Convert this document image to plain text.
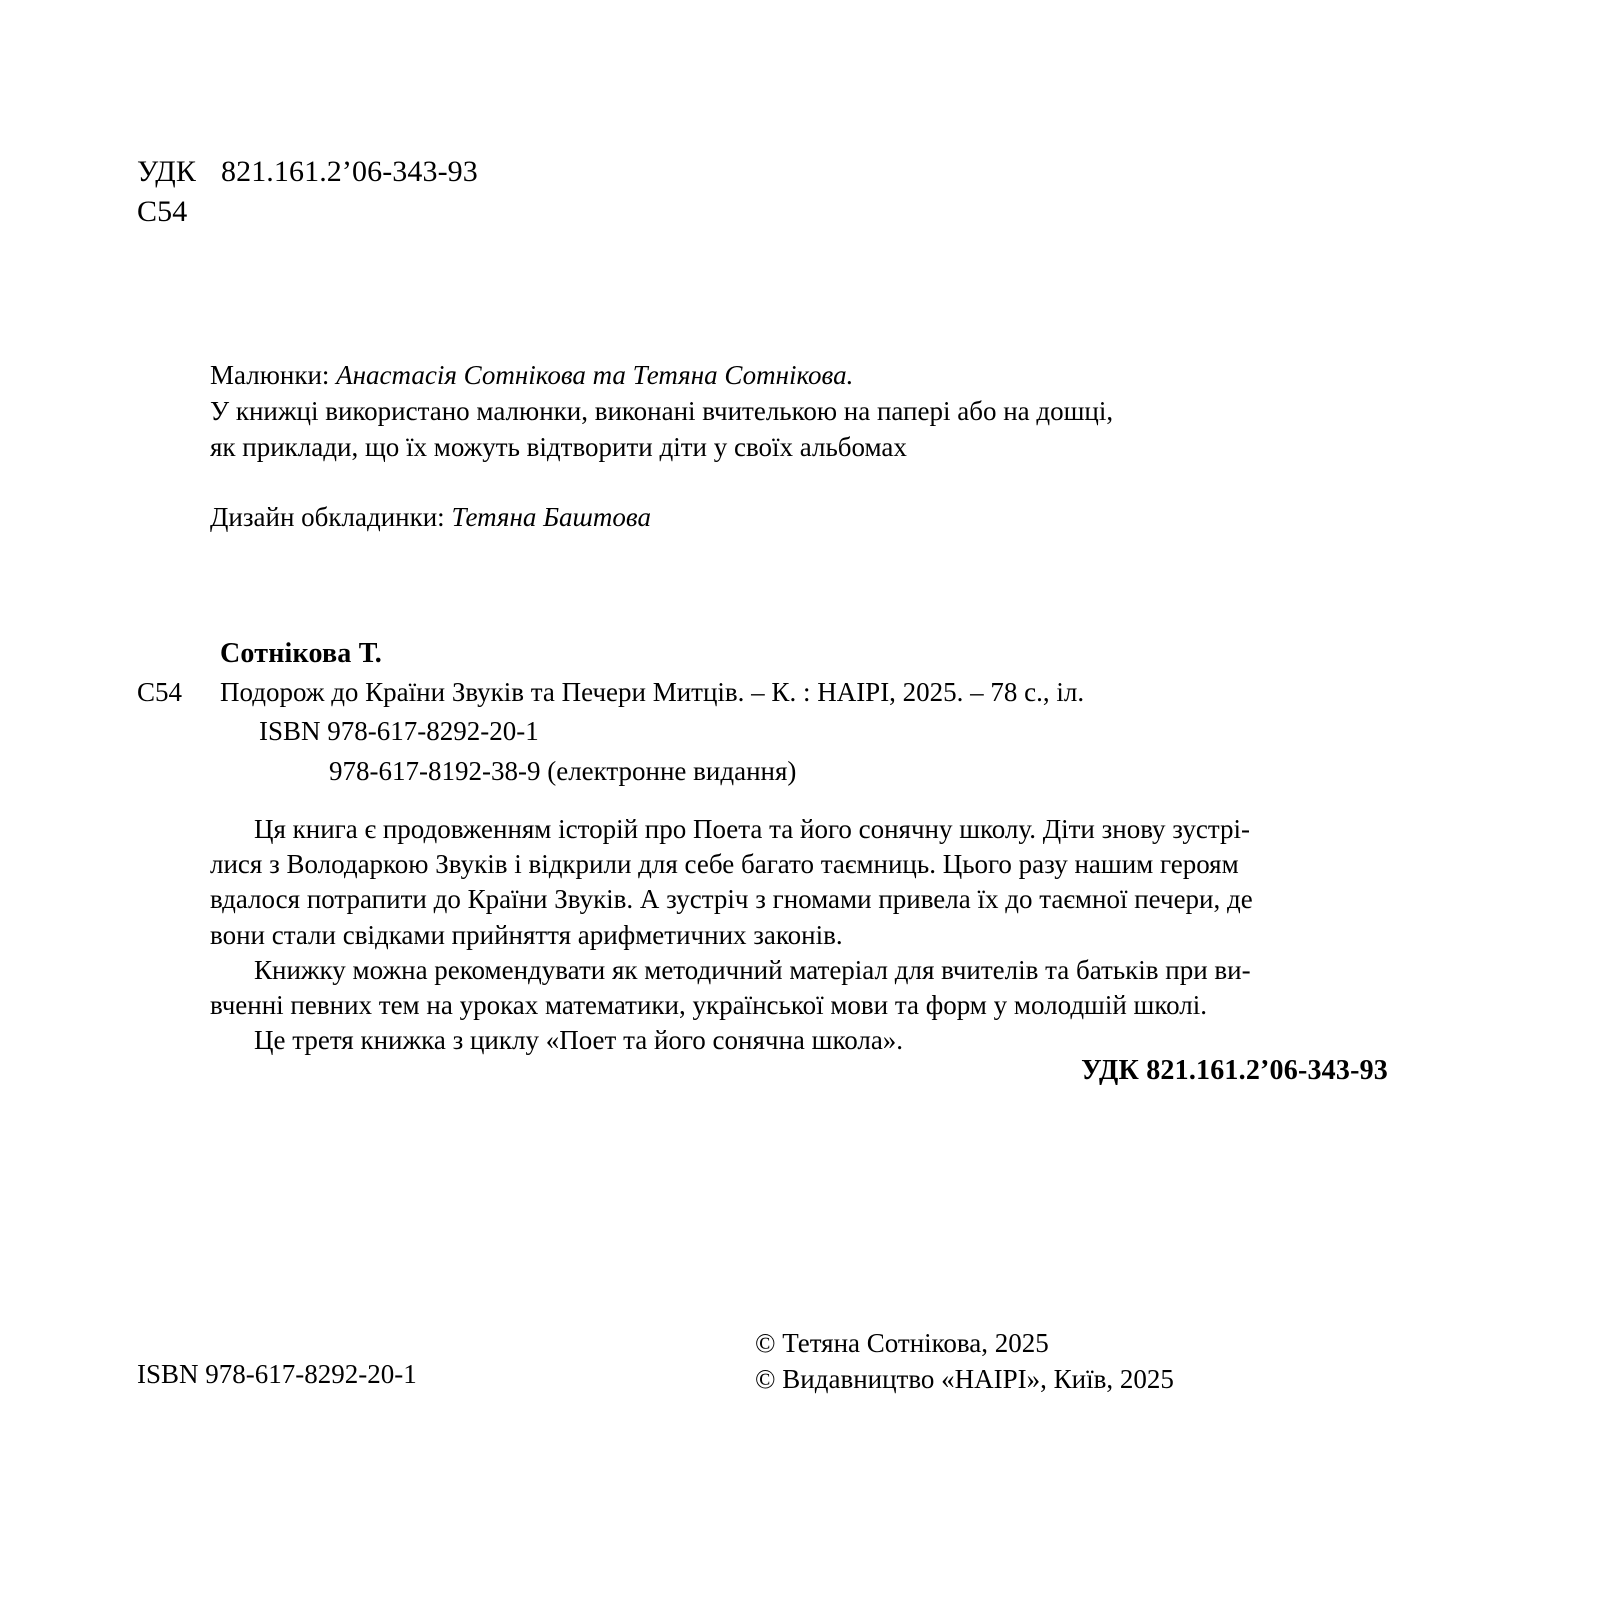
УДК 821.161.2’06-343-93
С54
Малюнки: Анастасія Сотнікова та Тетяна Сотнікова.
У книжці використано малюнки, виконані вчителькою на папері або на дошці,
як приклади, що їх можуть відтворити діти у своїх альбомах
Дизайн обкладинки: Тетяна Баштова
Сотнікова Т.
С54	Подорож до Країни Звуків та Печери Митців. – К. : НАІРІ, 2025. – 78 с., іл.
ISBN 978-617-8292-20-1
978-617-8192-38-9 (електронне видання)

Ця книга є продовженням історій про Поета та його сонячну школу. Діти знову зустрі-
лися з Володаркою Звуків і відкрили для себе багато таємниць. Цього разу нашим героям
вдалося потрапити до Країни Звуків. А зустріч з гномами привела їх до таємної печери, де
вони стали свідками прийняття арифметичних законів.

Книжку можна рекомендувати як методичний матеріал для вчителів та батьків при ви-
вченні певних тем на уроках математики, української мови та форм у молодшій школі.

Це третя книжка з циклу «Поет та його сонячна школа».

УДК 821.161.2’06-343-93
ISBN 978-617-8292-20-1
© Тетяна Сотнікова, 2025
© Видавництво «НАІРІ», Київ, 2025
